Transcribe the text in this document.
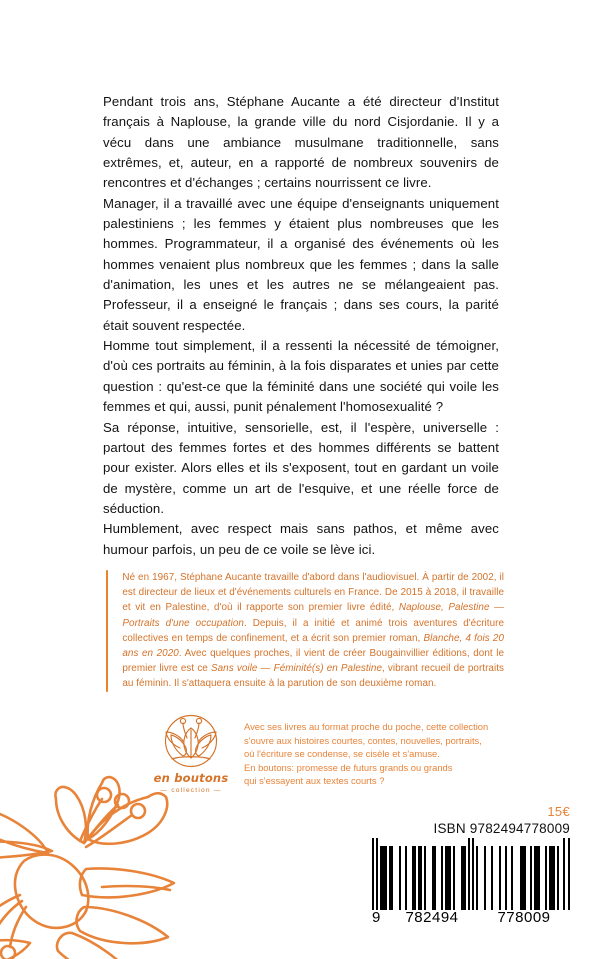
Pendant trois ans, Stéphane Aucante a été directeur d'Institut français à Naplouse, la grande ville du nord Cisjordanie. Il y a vécu dans une ambiance musulmane traditionnelle, sans extrêmes, et, auteur, en a rapporté de nombreux souvenirs de rencontres et d'échanges ; certains nourrissent ce livre.

Manager, il a travaillé avec une équipe d'enseignants uniquement palestiniens ; les femmes y étaient plus nombreuses que les hommes. Programmateur, il a organisé des événements où les hommes venaient plus nombreux que les femmes ; dans la salle d'animation, les unes et les autres ne se mélangeaient pas. Professeur, il a enseigné le français ; dans ses cours, la parité était souvent respectée.

Homme tout simplement, il a ressenti la nécessité de témoigner, d'où ces portraits au féminin, à la fois disparates et unies par cette question : qu'est-ce que la féminité dans une société qui voile les femmes et qui, aussi, punit pénalement l'homosexualité ?

Sa réponse, intuitive, sensorielle, est, il l'espère, universelle : partout des femmes fortes et des hommes différents se battent pour exister. Alors elles et ils s'exposent, tout en gardant un voile de mystère, comme un art de l'esquive, et une réelle force de séduction.

Humblement, avec respect mais sans pathos, et même avec humour parfois, un peu de ce voile se lève ici.

Né en 1967, Stéphane Aucante travaille d'abord dans l'audiovisuel. À partir de 2002, il est directeur de lieux et d'événements culturels en France. De 2015 à 2018, il travaille et vit en Palestine, d'où il rapporte son premier livre édité, Naplouse, Palestine — Portraits d'une occupation. Depuis, il a initié et animé trois aventures d'écriture collectives en temps de confinement, et a écrit son premier roman, Blanche, 4 fois 20 ans en 2020. Avec quelques proches, il vient de créer Bougainvillier éditions, dont le premier livre est ce Sans voile — Féminité(s) en Palestine, vibrant recueil de portraits au féminin. Il s'attaquera ensuite à la parution de son deuxième roman.

en boutons
— collection —

Avec ses livres au format proche du poche, cette collection

s'ouvre aux histoires courtes, contes, nouvelles, portraits,

où l'écriture se condense, se cisèle et s'amuse.

En boutons: promesse de futurs grands ou grands

qui s'essayent aux textes courts ?

15€
ISBN 9782494778009
9	782494	778009
